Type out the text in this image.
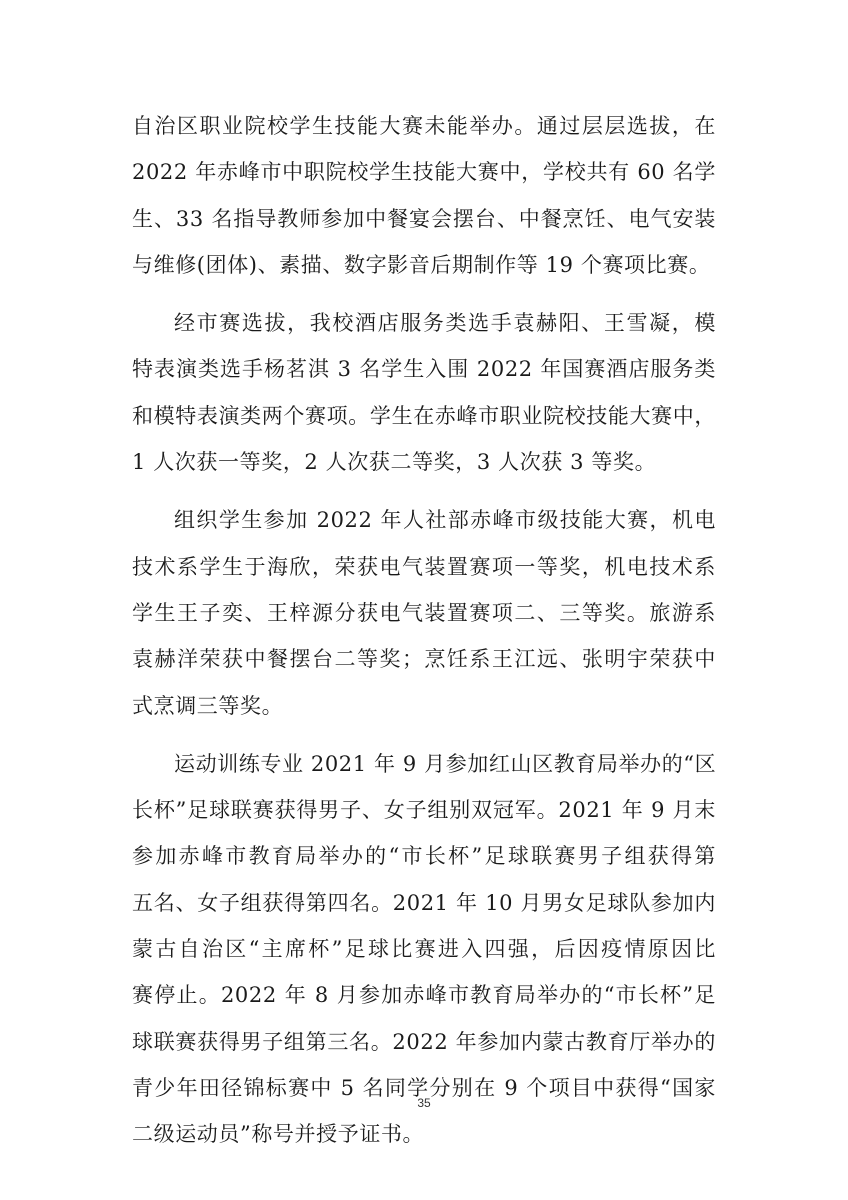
自治区职业院校学生技能大赛未能举办。通过层层选拔，在
2022 年赤峰市中职院校学生技能大赛中，学校共有 60 名学
生、33 名指导教师参加中餐宴会摆台、中餐烹饪、电气安装
与维修(团体)、素描、数字影音后期制作等 19 个赛项比赛。
经市赛选拔，我校酒店服务类选手袁赫阳、王雪凝，模
特表演类选手杨茗淇 3 名学生入围 2022 年国赛酒店服务类
和模特表演类两个赛项。学生在赤峰市职业院校技能大赛中，
1 人次获一等奖，2 人次获二等奖，3 人次获 3 等奖。
组织学生参加 2022 年人社部赤峰市级技能大赛，机电
技术系学生于海欣，荣获电气装置赛项一等奖，机电技术系
学生王子奕、王梓源分获电气装置赛项二、三等奖。旅游系
袁赫洋荣获中餐摆台二等奖；烹饪系王江远、张明宇荣获中
式烹调三等奖。
运动训练专业 2021 年 9 月参加红山区教育局举办的“区
长杯”足球联赛获得男子、女子组别双冠军。2021 年 9 月末
参加赤峰市教育局举办的“市长杯”足球联赛男子组获得第
五名、女子组获得第四名。2021 年 10 月男女足球队参加内
蒙古自治区“主席杯”足球比赛进入四强，后因疫情原因比
赛停止。2022 年 8 月参加赤峰市教育局举办的“市长杯”足
球联赛获得男子组第三名。2022 年参加内蒙古教育厅举办的
青少年田径锦标赛中 5 名同学分别在 9 个项目中获得“国家
二级运动员”称号并授予证书。
35
